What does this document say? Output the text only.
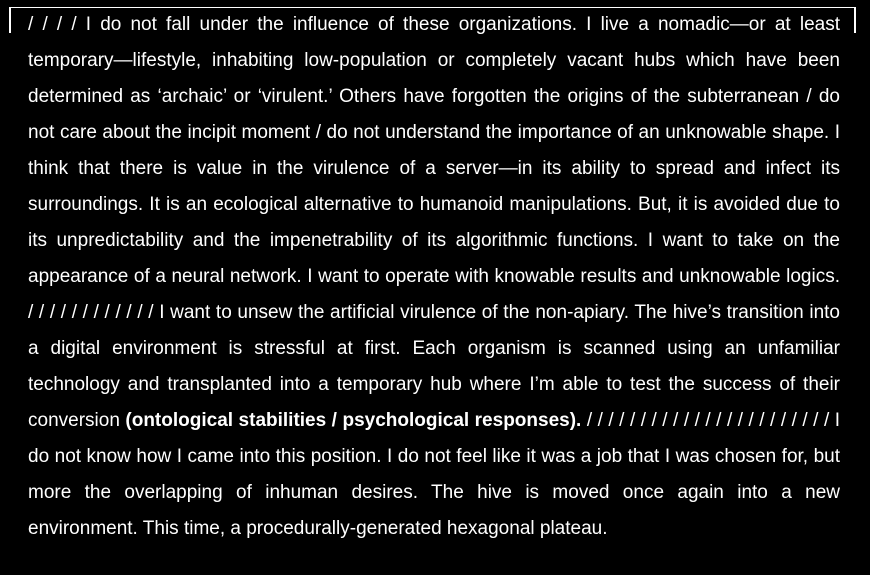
/ / / / I do not fall under the influence of these organizations. I live a nomadic—or at least temporary—lifestyle, inhabiting low-population or completely vacant hubs which have been determined as ‘archaic’ or ‘virulent.’ Others have forgotten the origins of the subterranean / do not care about the incipit moment / do not understand the importance of an unknowable shape. I think that there is value in the virulence of a server—in its ability to spread and infect its surroundings. It is an ecological alternative to humanoid manipulations. But, it is avoided due to its unpredictability and the impenetrability of its algorithmic functions. I want to take on the appearance of a neural network. I want to operate with knowable results and unknowable logics. / / / / / / / / / / / / I want to unsew the artificial virulence of the non-apiary. The hive’s transition into a digital environment is stressful at first. Each organism is scanned using an unfamiliar technology and transplanted into a temporary hub where I’m able to test the success of their conversion (ontological stabilities / psychological responses). / / / / / / / / / / / / / / / / / / / / / / / I do not know how I came into this position. I do not feel like it was a job that I was chosen for, but more the overlapping of inhuman desires. The hive is moved once again into a new environment. This time, a procedurally-generated hexagonal plateau.
